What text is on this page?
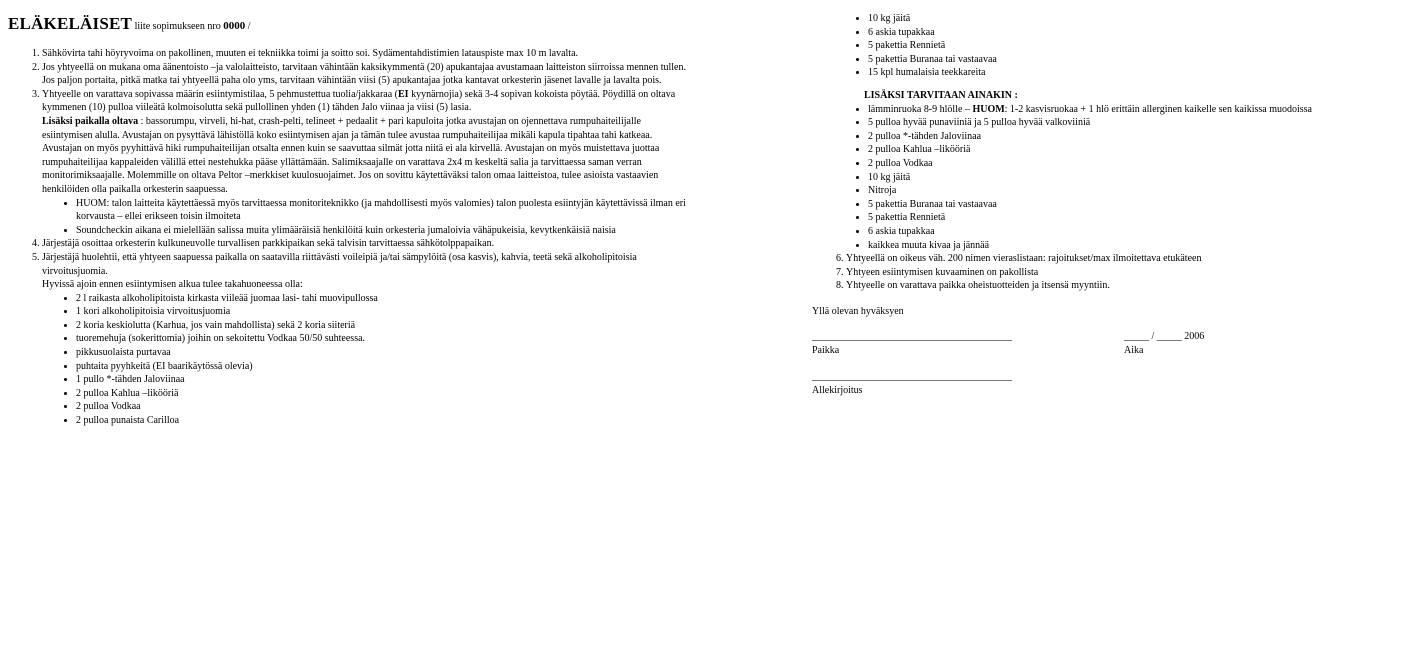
ELÄKELÄISET liite sopimukseen nro 0000 /
1. Sähkövirta tahi höyryvoima on pakollinen, muuten ei tekniikka toimi ja soitto soi. Sydämentahdistimien latauspiste max 10 m lavalta.
2. Jos yhtyeellä on mukana oma äänentoisto –ja valolaitteisto, tarvitaan vähintään kaksikymmentä (20) apukantajaa avustamaan laitteiston siirroissa mennen tullen. Jos paljon portaita, pitkä matka tai yhtyeellä paha olo yms, tarvitaan vähintään viisi (5) apukantajaa jotka kantavat orkesterin jäsenet lavalle ja lavalta pois.

3. Yhtyeelle on varattava sopivassa määrin esiintymistilaa, 5 pehmustettua tuolia/jakkaraa (EI kyynärnojia) sekä 3-4 sopivan kokoista pöytää. Pöydillä on oltava kymmenen (10) pulloa viileätä kolmoisolutta sekä pullollinen yhden (1) tähden Jalo viinaa ja viisi (5) lasia.

Lisäksi paikalla oltava : bassorumpu, virveli, hi-hat, crash-pelti, telineet + pedaalit + pari kapuloita jotka avustajan on ojennettava rumpuhaiteilijalle esiintymisen alulla. Avustajan on pysyttävä lähistöllä koko esiintymisen ajan ja tämän tulee avustaa rumpuhaiteilijaa mikäli kapula tipahtaa tahi katkeaa. Avustajan on myös pyyhittävä hiki rumpuhaiteilijan otsalta ennen kuin se saavuttaa silmät jotta niitä ei ala kirvellä. Avustajan on myös muistettava juottaa rumpuhaiteilijaa kappaleiden välillä ettei nestehukka pääse yllättämään. Salimiksaajalle on varattava 2x4 m keskeltä salia ja tarvittaessa saman verran monitorimiksaajalle. Molemmille on oltava Peltor –merkkiset kuulosuojaimet. Jos on sovittu käytettäväksi talon omaa laitteistoa, tulee asioista vastaavien henkilöiden olla paikalla orkesterin saapuessa.

• HUOM: talon laitteita käytettäessä myös tarvittaessa monitoriteknikko (ja mahdollisesti myös valomies) talon puolesta esiintyjän käytettävissä ilman eri korvausta – ellei erikseen toisin ilmoiteta
• Soundcheckin aikana ei mielellään salissa muita ylimääräisiä henkilöitä kuin orkesteria jumaloivia vähäpukeisia, kevytkenkäisiä naisia
4. Järjestäjä osoittaa orkesterin kulkuneuvolle turvallisen parkkipaikan sekä talvisin tarvittaessa sähkötolppapaikan.

5. Järjestäjä huolehtii, että yhtyeen saapuessa paikalla on saatavilla riittävästi voileipiä ja/tai sämpylöitä (osa kasvis), kahvia, teetä sekä alkoholipitoisia virvoitusjuomia.

Hyvissä ajoin ennen esiintymisen alkua tulee takahuoneessa olla:

• 2 l raikasta alkoholipitoista kirkasta viileää juomaa lasi- tahi muovipullossa
• 1 kori alkoholipitoisia virvoitusjuomia
• 2 koria keskiolutta (Karhua, jos vain mahdollista) sekä 2 koria siiteriä
• tuoremehuja (sokerittomia) joihin on sekoitettu Vodkaa 50/50 suhteessa.
• pikkusuolaista purtavaa
• puhtaita pyyhkeitä (EI baarikäytössä olevia)
• 1 pullo *-tähden Jaloviinaa
• 2 pulloa Kahlua –likööriä
• 2 pulloa Vodkaa
• 2 pulloa punaista Carilloa
• 10 kg jäitä
• 6 askia tupakkaa
• 5 pakettia Rennietä
• 5 pakettia Buranaa tai vastaavaa
• 15 kpl humalaisia teekkareita
LISÄKSI TARVITAAN AINAKIN :
• lämminruoka 8-9 hlölle – HUOM: 1-2 kasvisruokaa + 1 hlö erittäin allerginen kaikelle sen kaikissa muodoissa
• 5 pulloa hyvää punaviiniä ja 5 pulloa hyvää valkoviiniä
• 2 pulloa *-tähden Jaloviinaa
• 2 pulloa Kahlua –likööriä
• 2 pulloa Vodkaa
• 10 kg jäitä
• Nitroja
• 5 pakettia Buranaa tai vastaavaa
• 5 pakettia Rennietä
• 6 askia tupakkaa
• kaikkea muuta kivaa ja jännää
6. Yhtyeellä on oikeus väh. 200 nimen vieraslistaan: rajoitukset/max ilmoitettava etukäteen
7. Yhtyeen esiintymisen kuvaaminen on pakollista
8. Yhtyeelle on varattava paikka oheistuotteiden ja itsensä myyntiin.

Yllä olevan hyväksyen

________________________________________	_____ / _____ 2006
Paikka	Aika
________________________________________
Allekirjoitus
